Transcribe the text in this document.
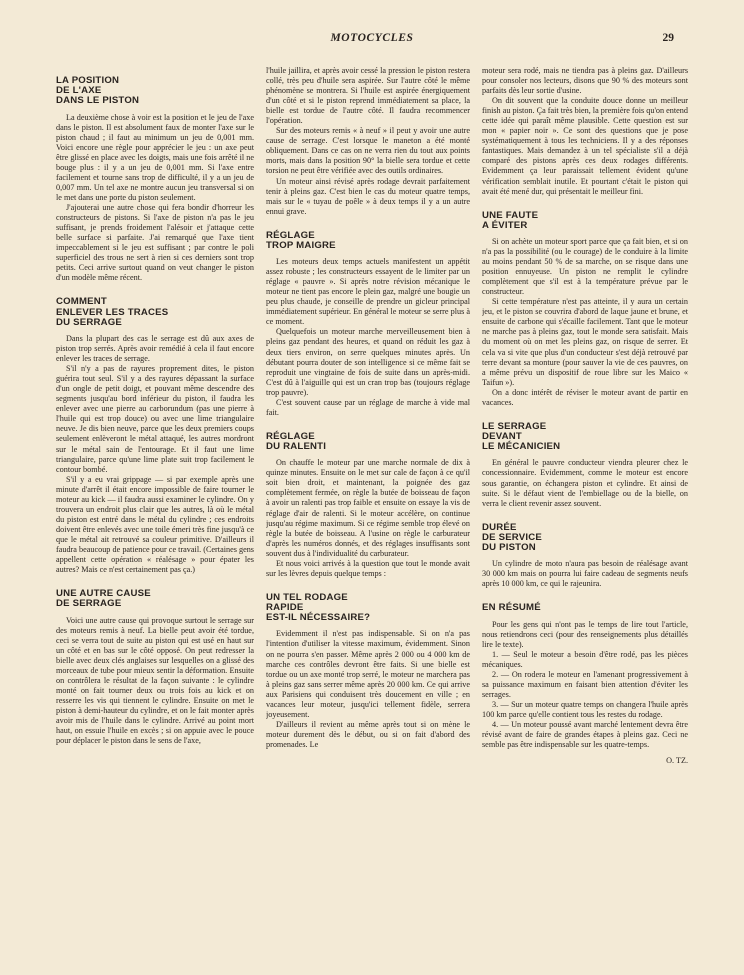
MOTOCYCLES	29
LA POSITION
DE L'AXE
DANS LE PISTON

La deuxième chose à voir est la position et le jeu de l'axe dans le piston. Il est absolument faux de monter l'axe sur le piston chaud ; il faut au minimum un jeu de 0,001 mm. Voici encore une règle pour apprécier le jeu : un axe peut être glissé en place avec les doigts, mais une fois arrêté il ne bouge plus : il y a un jeu de 0,001 mm. Si l'axe entre facilement et tourne sans trop de difficulté, il y a un jeu de 0,007 mm. Un tel axe ne montre aucun jeu transversal si on le met dans une porte du piston seulement.

J'ajouterai une autre chose qui fera bondir d'horreur les constructeurs de pistons. Si l'axe de piston n'a pas le jeu suffisant, je prends froidement l'alésoir et j'attaque cette belle surface si parfaite. J'ai remarqué que l'axe tient impeccablement si le jeu est suffisant ; par contre le poli superficiel des trous ne sert à rien si ces derniers sont trop petits. Ceci arrive surtout quand on veut changer le piston d'un modèle même récent.

COMMENT
ENLEVER LES TRACES
DU SERRAGE

Dans la plupart des cas le serrage est dû aux axes de piston trop serrés. Après avoir remédié à cela il faut encore enlever les traces de serrage.

S'il n'y a pas de rayures proprement dites, le piston guérira tout seul. S'il y a des rayures dépassant la surface d'un ongle de petit doigt, et pouvant même descendre des segments jusqu'au bord inférieur du piston, il faudra les enlever avec une pierre au carborundum (pas une pierre à l'huile qui est trop douce) ou avec une lime triangulaire neuve. Je dis bien neuve, parce que les deux premiers coups seulement enlèveront le métal attaqué, les autres mordront sur le métal sain de l'entourage. Et il faut une lime triangulaire, parce qu'une lime plate suit trop facilement le contour bombé.

S'il y a eu vrai grippage — si par exemple après une minute d'arrêt il était encore impossible de faire tourner le moteur au kick — il faudra aussi examiner le cylindre. On y trouvera un endroit plus clair que les autres, là où le métal du piston est entré dans le métal du cylindre ; ces endroits doivent être enlevés avec une toile émeri très fine jusqu'à ce que le métal ait retrouvé sa couleur primitive. D'ailleurs il faudra beaucoup de patience pour ce travail. (Certaines gens appellent cette opération « réalésage » pour épater les autres? Mais ce n'est certainement pas ça.)

UNE AUTRE CAUSE
DE SERRAGE

Voici une autre cause qui provoque surtout le serrage sur des moteurs remis à neuf. La bielle peut avoir été tordue, ceci se verra tout de suite au piston qui est usé en haut sur un côté et en bas sur le côté opposé. On peut redresser la bielle avec deux clés anglaises sur lesquelles on a glissé des morceaux de tube pour mieux sentir la déformation. Ensuite on contrôlera le résultat de la façon suivante : le cylindre monté on fait tourner deux ou trois fois au kick et on resserre les vis qui tiennent le cylindre. Ensuite on met le piston à demi-hauteur du cylindre, et on le fait monter après avoir mis de l'huile dans le cylindre. Arrivé au point mort haut, on essuie l'huile en excès ; si on appuie avec le pouce pour déplacer le piston dans le sens de l'axe,

l'huile jaillira, et après avoir cessé la pression le piston restera collé, très peu d'huile sera aspirée. Sur l'autre côté le même phénomène se montrera. Si l'huile est aspirée énergiquement d'un côté et si le piston reprend immédiatement sa place, la bielle est tordue de l'autre côté. Il faudra recommencer l'opération.

Sur des moteurs remis « à neuf » il peut y avoir une autre cause de serrage. C'est lorsque le maneton a été monté obliquement. Dans ce cas on ne verra rien du tout aux points morts, mais dans la position 90° la bielle sera tordue et cette torsion ne peut être vérifiée avec des outils ordinaires.

Un moteur ainsi révisé après rodage devrait parfaitement tenir à pleins gaz. C'est bien le cas du moteur quatre temps, mais sur le « tuyau de poêle » à deux temps il y a un autre ennui grave.

RÉGLAGE
TROP MAIGRE

Les moteurs deux temps actuels manifestent un appétit assez robuste ; les constructeurs essayent de le limiter par un réglage « pauvre ». Si après notre révision mécanique le moteur ne tient pas encore le plein gaz, malgré une bougie un peu plus chaude, je conseille de prendre un gicleur principal immédiatement supérieur. En général le moteur se serre plus à ce moment.

Quelquefois un moteur marche merveilleusement bien à pleins gaz pendant des heures, et quand on réduit les gaz à deux tiers environ, on serre quelques minutes après. Un débutant pourra douter de son intelligence si ce même fait se reproduit une vingtaine de fois de suite dans un après-midi. C'est dû à l'aiguille qui est un cran trop bas (toujours réglage trop pauvre).

C'est souvent cause par un réglage de marche à vide mal fait.

RÉGLAGE
DU RALENTI

On chauffe le moteur par une marche normale de dix à quinze minutes. Ensuite on le met sur cale de façon à ce qu'il soit bien droit, et maintenant, la poignée des gaz complètement fermée, on règle la butée de boisseau de façon à avoir un ralenti pas trop faible et ensuite on essaye la vis de réglage d'air de ralenti. Si le moteur accélère, on continue jusqu'au régime maximum. Si ce régime semble trop élevé on règle la butée de boisseau. A l'usine on règle le carburateur d'après les numéros donnés, et des réglages insuffisants sont souvent dus à l'individualité du carburateur.

Et nous voici arrivés à la question que tout le monde avait sur les lèvres depuis quelque temps :

UN TEL RODAGE
RAPIDE
EST-IL NÉCESSAIRE?

Evidemment il n'est pas indispensable. Si on n'a pas l'intention d'utiliser la vitesse maximum, évidemment. Sinon on ne pourra s'en passer. Même après 2 000 ou 4 000 km de marche ces contrôles devront être faits. Si une bielle est tordue ou un axe monté trop serré, le moteur ne marchera pas à pleins gaz sans serrer même après 20 000 km. Ce qui arrive aux Parisiens qui conduisent très doucement en ville ; en vacances leur moteur, jusqu'ici tellement fidèle, serrera joyeusement.

D'ailleurs il revient au même après tout si on mène le moteur durement dès le début, ou si on fait d'abord des promenades. Le

moteur sera rodé, mais ne tiendra pas à pleins gaz. D'ailleurs pour consoler nos lecteurs, disons que 90 % des moteurs sont parfaits dès leur sortie d'usine.

On dit souvent que la conduite douce donne un meilleur finish au piston. Ça fait très bien, la première fois qu'on entend cette idée qui paraît même plausible. Cette question est sur mon « papier noir ». Ce sont des questions que je pose systématiquement à tous les techniciens. Il y a des réponses fantastiques. Mais demandez à un tel spécialiste s'il a déjà comparé des pistons après ces deux rodages différents. Evidemment ça leur paraissait tellement évident qu'une vérification semblait inutile. Et pourtant c'était le piston qui avait été mené dur, qui présentait le meilleur fini.

UNE FAUTE
A ÉVITER

Si on achète un moteur sport parce que ça fait bien, et si on n'a pas la possibilité (ou le courage) de le conduire à la limite au moins pendant 50 % de sa marche, on se risque dans une position ennuyeuse. Un piston ne remplit le cylindre complètement que s'il est à la température prévue par le constructeur.

Si cette température n'est pas atteinte, il y aura un certain jeu, et le piston se couvrira d'abord de laque jaune et brune, et ensuite de carbone qui s'écaille facilement. Tant que le moteur ne marche pas à pleins gaz, tout le monde sera satisfait. Mais du moment où on met les pleins gaz, on risque de serrer. Et cela va si vite que plus d'un conducteur s'est déjà retrouvé par terre devant sa monture (pour sauver la vie de ces pauvres, on a même prévu un dispositif de roue libre sur les Maico « Taifun »).

On a donc intérêt de réviser le moteur avant de partir en vacances.

LE SERRAGE
DEVANT
LE MÉCANICIEN

En général le pauvre conducteur viendra pleurer chez le concessionnaire. Evidemment, comme le moteur est encore sous garantie, on échangera piston et cylindre. Et ainsi de suite. Si le défaut vient de l'embiellage ou de la bielle, on verra le client revenir assez souvent.

DURÉE
DE SERVICE
DU PISTON

Un cylindre de moto n'aura pas besoin de réalésage avant 30 000 km mais on pourra lui faire cadeau de segments neufs après 10 000 km, ce qui le rajeunira.

EN RÉSUMÉ

Pour les gens qui n'ont pas le temps de lire tout l'article, nous retiendrons ceci (pour des renseignements plus détaillés lire le texte).

1. — Seul le moteur a besoin d'être rodé, pas les pièces mécaniques.

2. — On rodera le moteur en l'amenant progressivement à sa puissance maximum en faisant bien attention d'éviter les serrages.

3. — Sur un moteur quatre temps on changera l'huile après 100 km parce qu'elle contient tous les restes du rodage.

4. — Un moteur poussé avant marché lentement devra être révisé avant de faire de grandes étapes à pleins gaz. Ceci ne semble pas être indispensable sur les quatre-temps.

O. TZ.
